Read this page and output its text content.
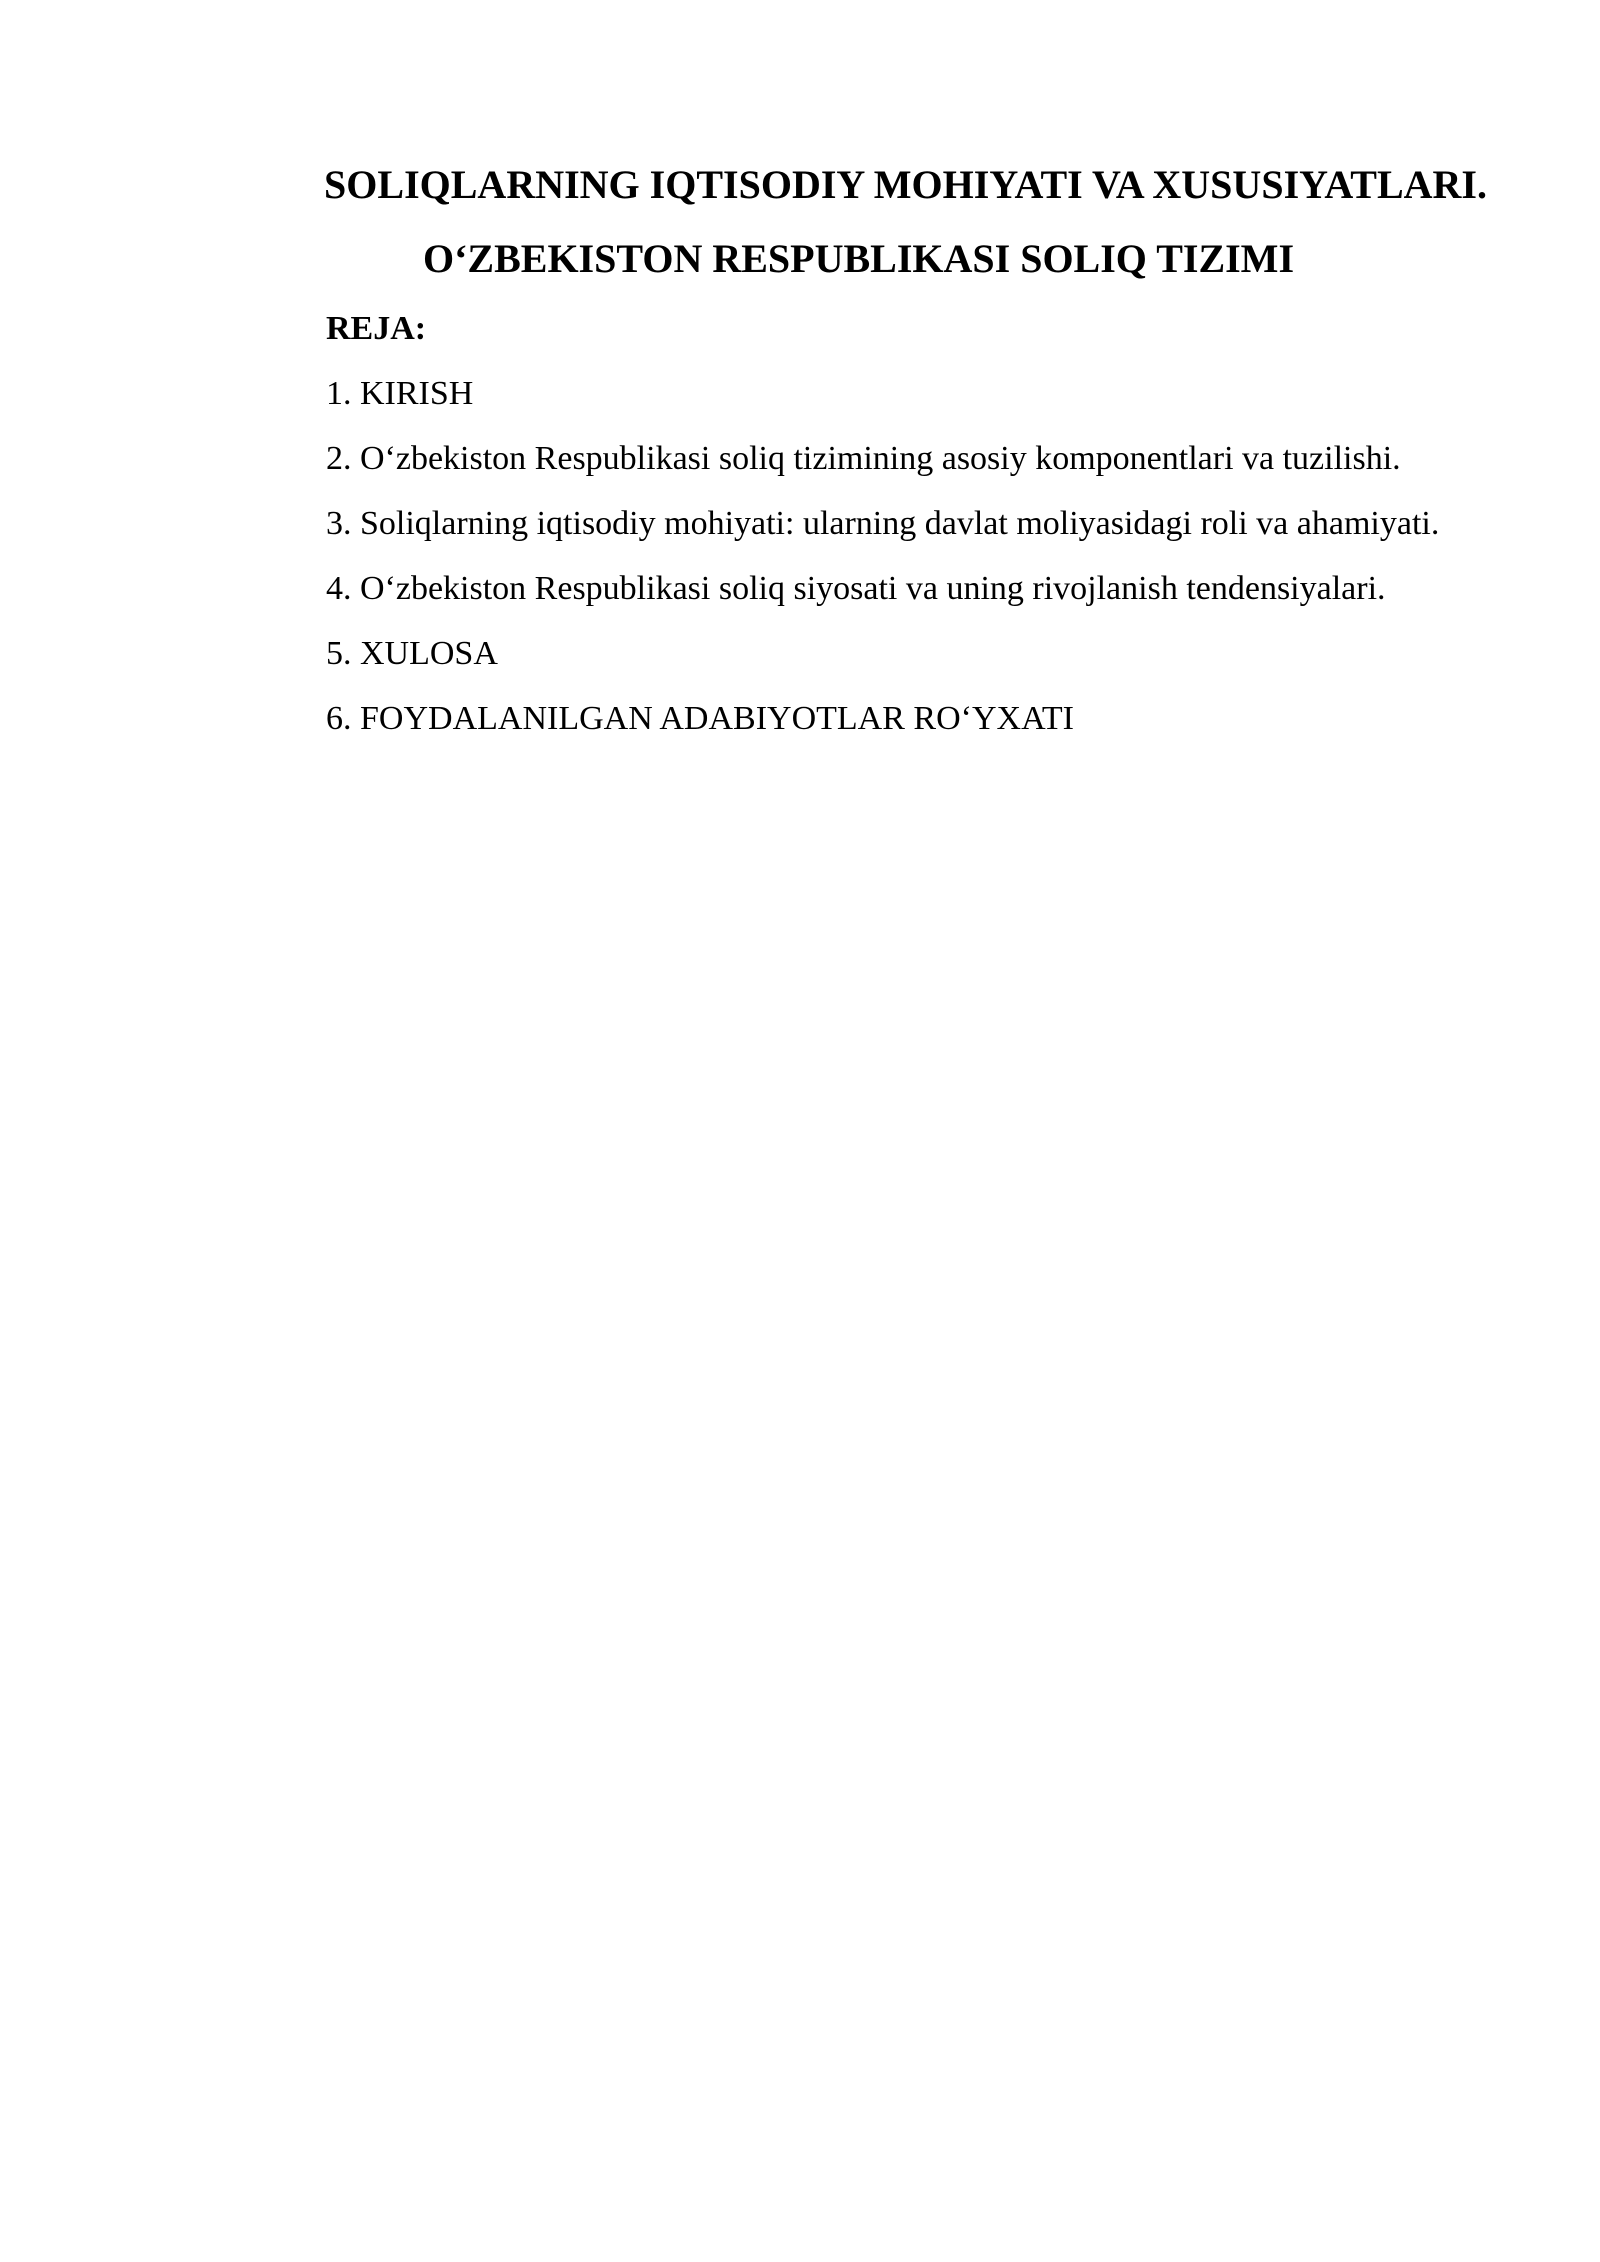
SOLIQLARNING IQTISODIY MOHIYATI VA XUSUSIYATLARI. O‘ZBEKISTON RESPUBLIKASI SOLIQ TIZIMI

REJA:

1. KIRISH
2. O‘zbekiston Respublikasi soliq tizimining asosiy komponentlari va tuzilishi.
3. Soliqlarning iqtisodiy mohiyati: ularning davlat moliyasidagi roli va ahamiyati.
4. O‘zbekiston Respublikasi soliq siyosati va uning rivojlanish tendensiyalari.
5. XULOSA
6. FOYDALANILGAN ADABIYOTLAR RO‘YXATI
